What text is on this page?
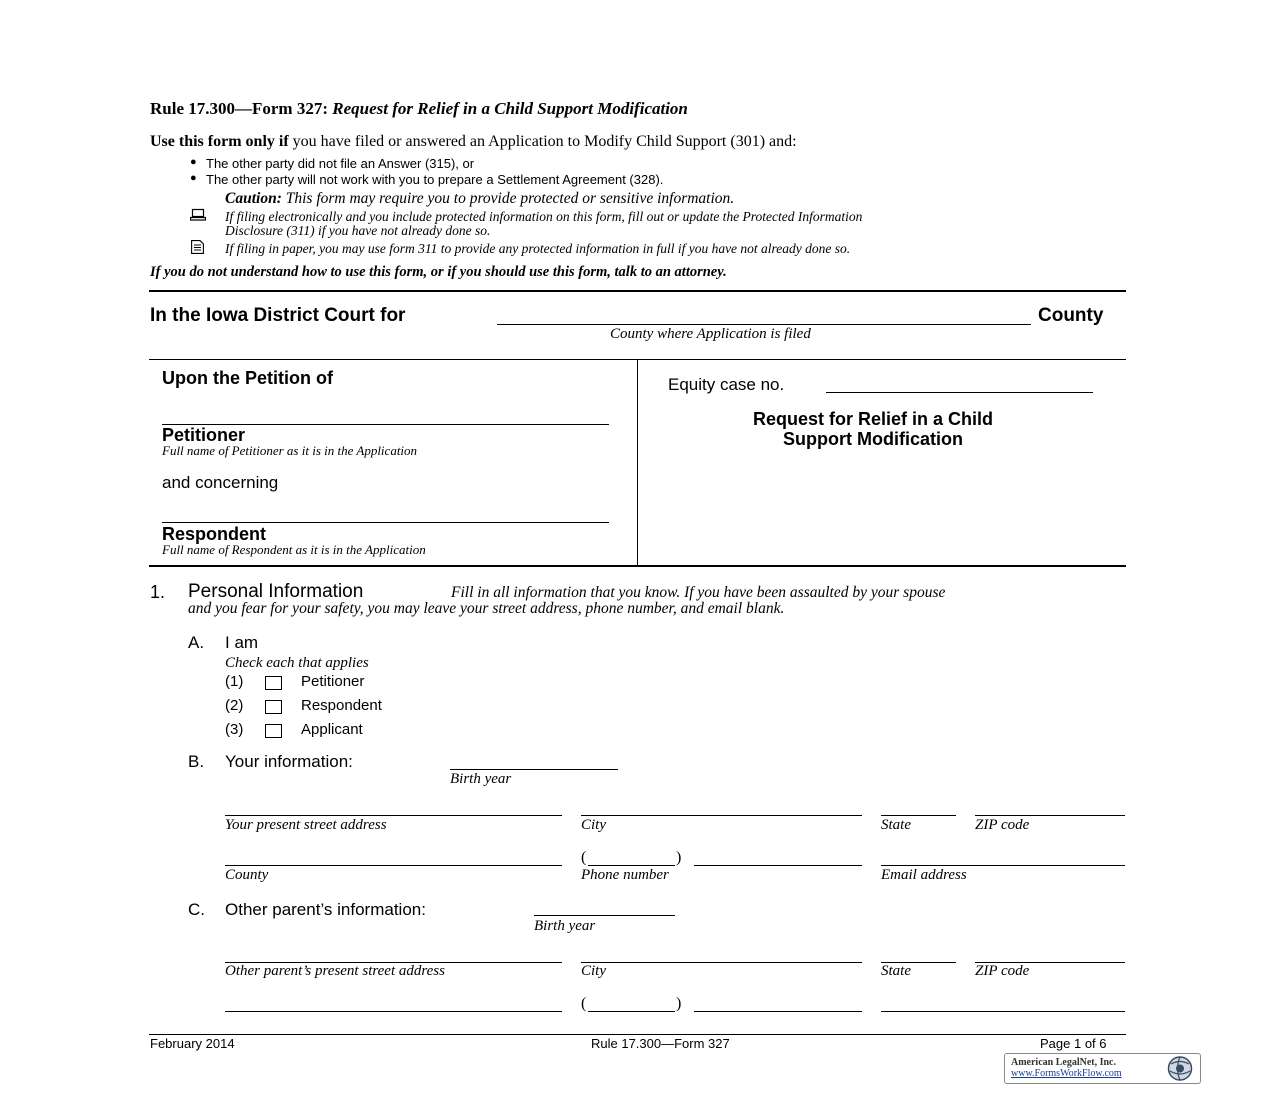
Rule 17.300—Form 327: Request for Relief in a Child Support Modification
Use this form only if you have filed or answered an Application to Modify Child Support (301) and:
● The other party did not file an Answer (315), or
● The other party will not work with you to prepare a Settlement Agreement (328).
Caution: This form may require you to provide protected or sensitive information.
If filing electronically and you include protected information on this form, fill out or update the Protected Information
Disclosure (311) if you have not already done so.
If filing in paper, you may use form 311 to provide any protected information in full if you have not already done so.
If you do not understand how to use this form, or if you should use this form, talk to an attorney.
In the Iowa District Court for	County
County where Application is filed
Upon the Petition of
Petitioner
Full name of Petitioner as it is in the Application
and concerning
Respondent
Full name of Respondent as it is in the Application
Equity case no.
Request for Relief in a Child
Support Modification
1. Personal Information	Fill in all information that you know. If you have been assaulted by your spouse
and you fear for your safety, you may leave your street address, phone number, and email blank.
A. I am
Check each that applies
(1)	Petitioner
(2)	Respondent
(3)	Applicant
B. Your information:
Birth year
Your present street address	City	State	ZIP code
(	)
County	Phone number	Email address
C. Other parent’s information:
Birth year
Other parent’s present street address	City	State	ZIP code
(	)
February 2014	Rule 17.300—Form 327	Page 1 of 6
American LegalNet, Inc.
www.FormsWorkFlow.com
